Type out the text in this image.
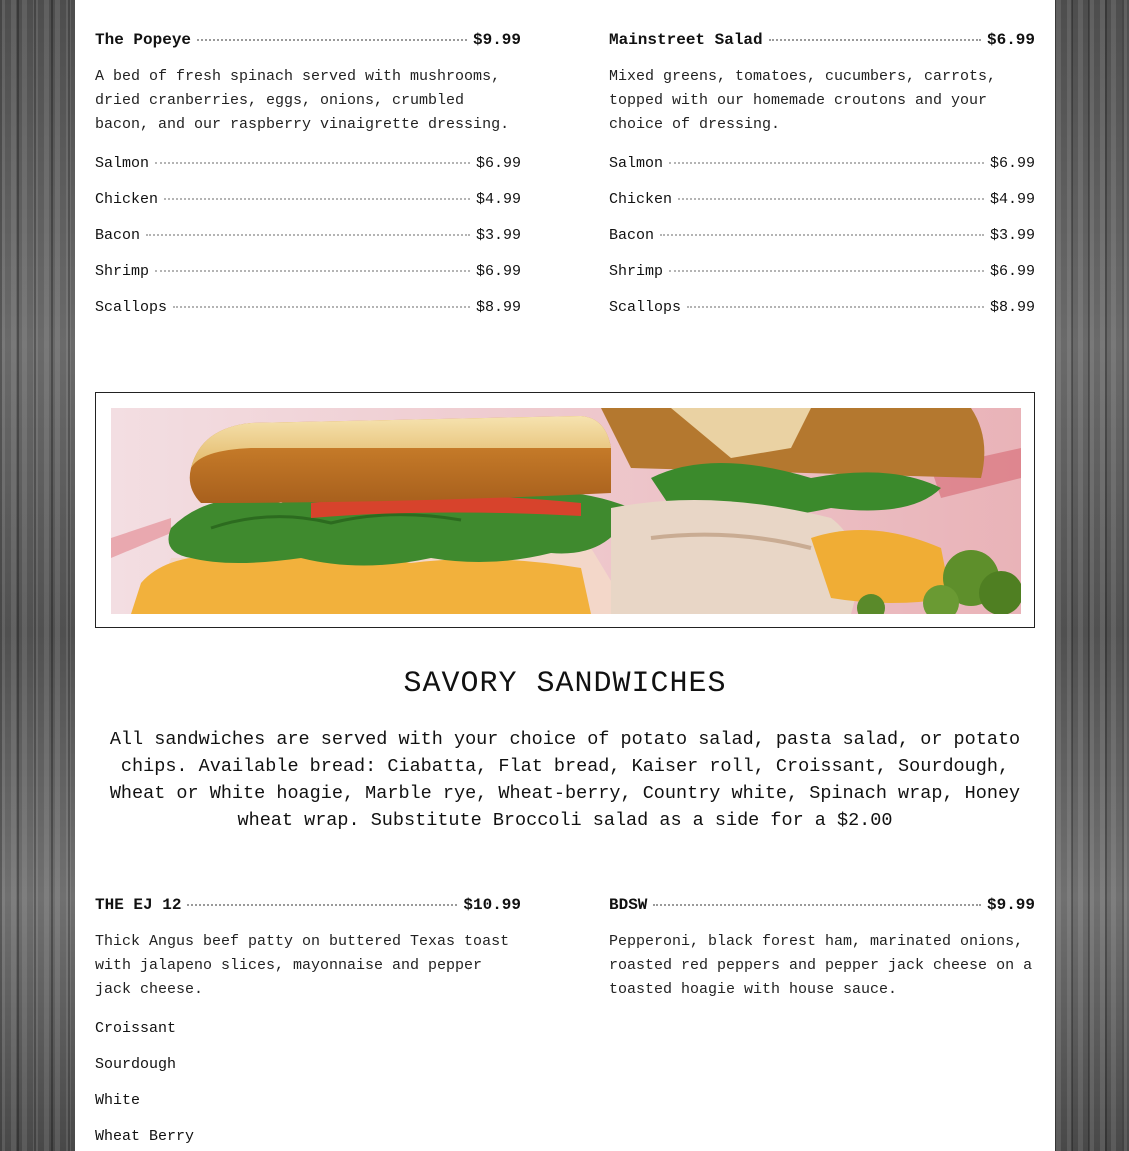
The Popeye	$9.99
A bed of fresh spinach served with mushrooms, dried cranberries, eggs, onions, crumbled bacon, and our raspberry vinaigrette dressing.
Salmon	$6.99
Chicken	$4.99
Bacon	$3.99
Shrimp	$6.99
Scallops	$8.99
Mainstreet Salad	$6.99
Mixed greens, tomatoes, cucumbers, carrots, topped with our homemade croutons and your choice of dressing.
Salmon	$6.99
Chicken	$4.99
Bacon	$3.99
Shrimp	$6.99
Scallops	$8.99
SAVORY SANDWICHES
All sandwiches are served with your choice of potato salad, pasta salad, or potato chips. Available bread: Ciabatta, Flat bread, Kaiser roll, Croissant, Sourdough, Wheat or White hoagie, Marble rye, Wheat-berry, Country white, Spinach wrap, Honey wheat wrap. Substitute Broccoli salad as a side for a $2.00
THE EJ 12	$10.99
Thick Angus beef patty on buttered Texas toast with jalapeno slices, mayonnaise and pepper jack cheese.
Croissant
Sourdough
White
Wheat Berry
BDSW	$9.99
Pepperoni, black forest ham, marinated onions, roasted red peppers and pepper jack cheese on a toasted hoagie with house sauce.
